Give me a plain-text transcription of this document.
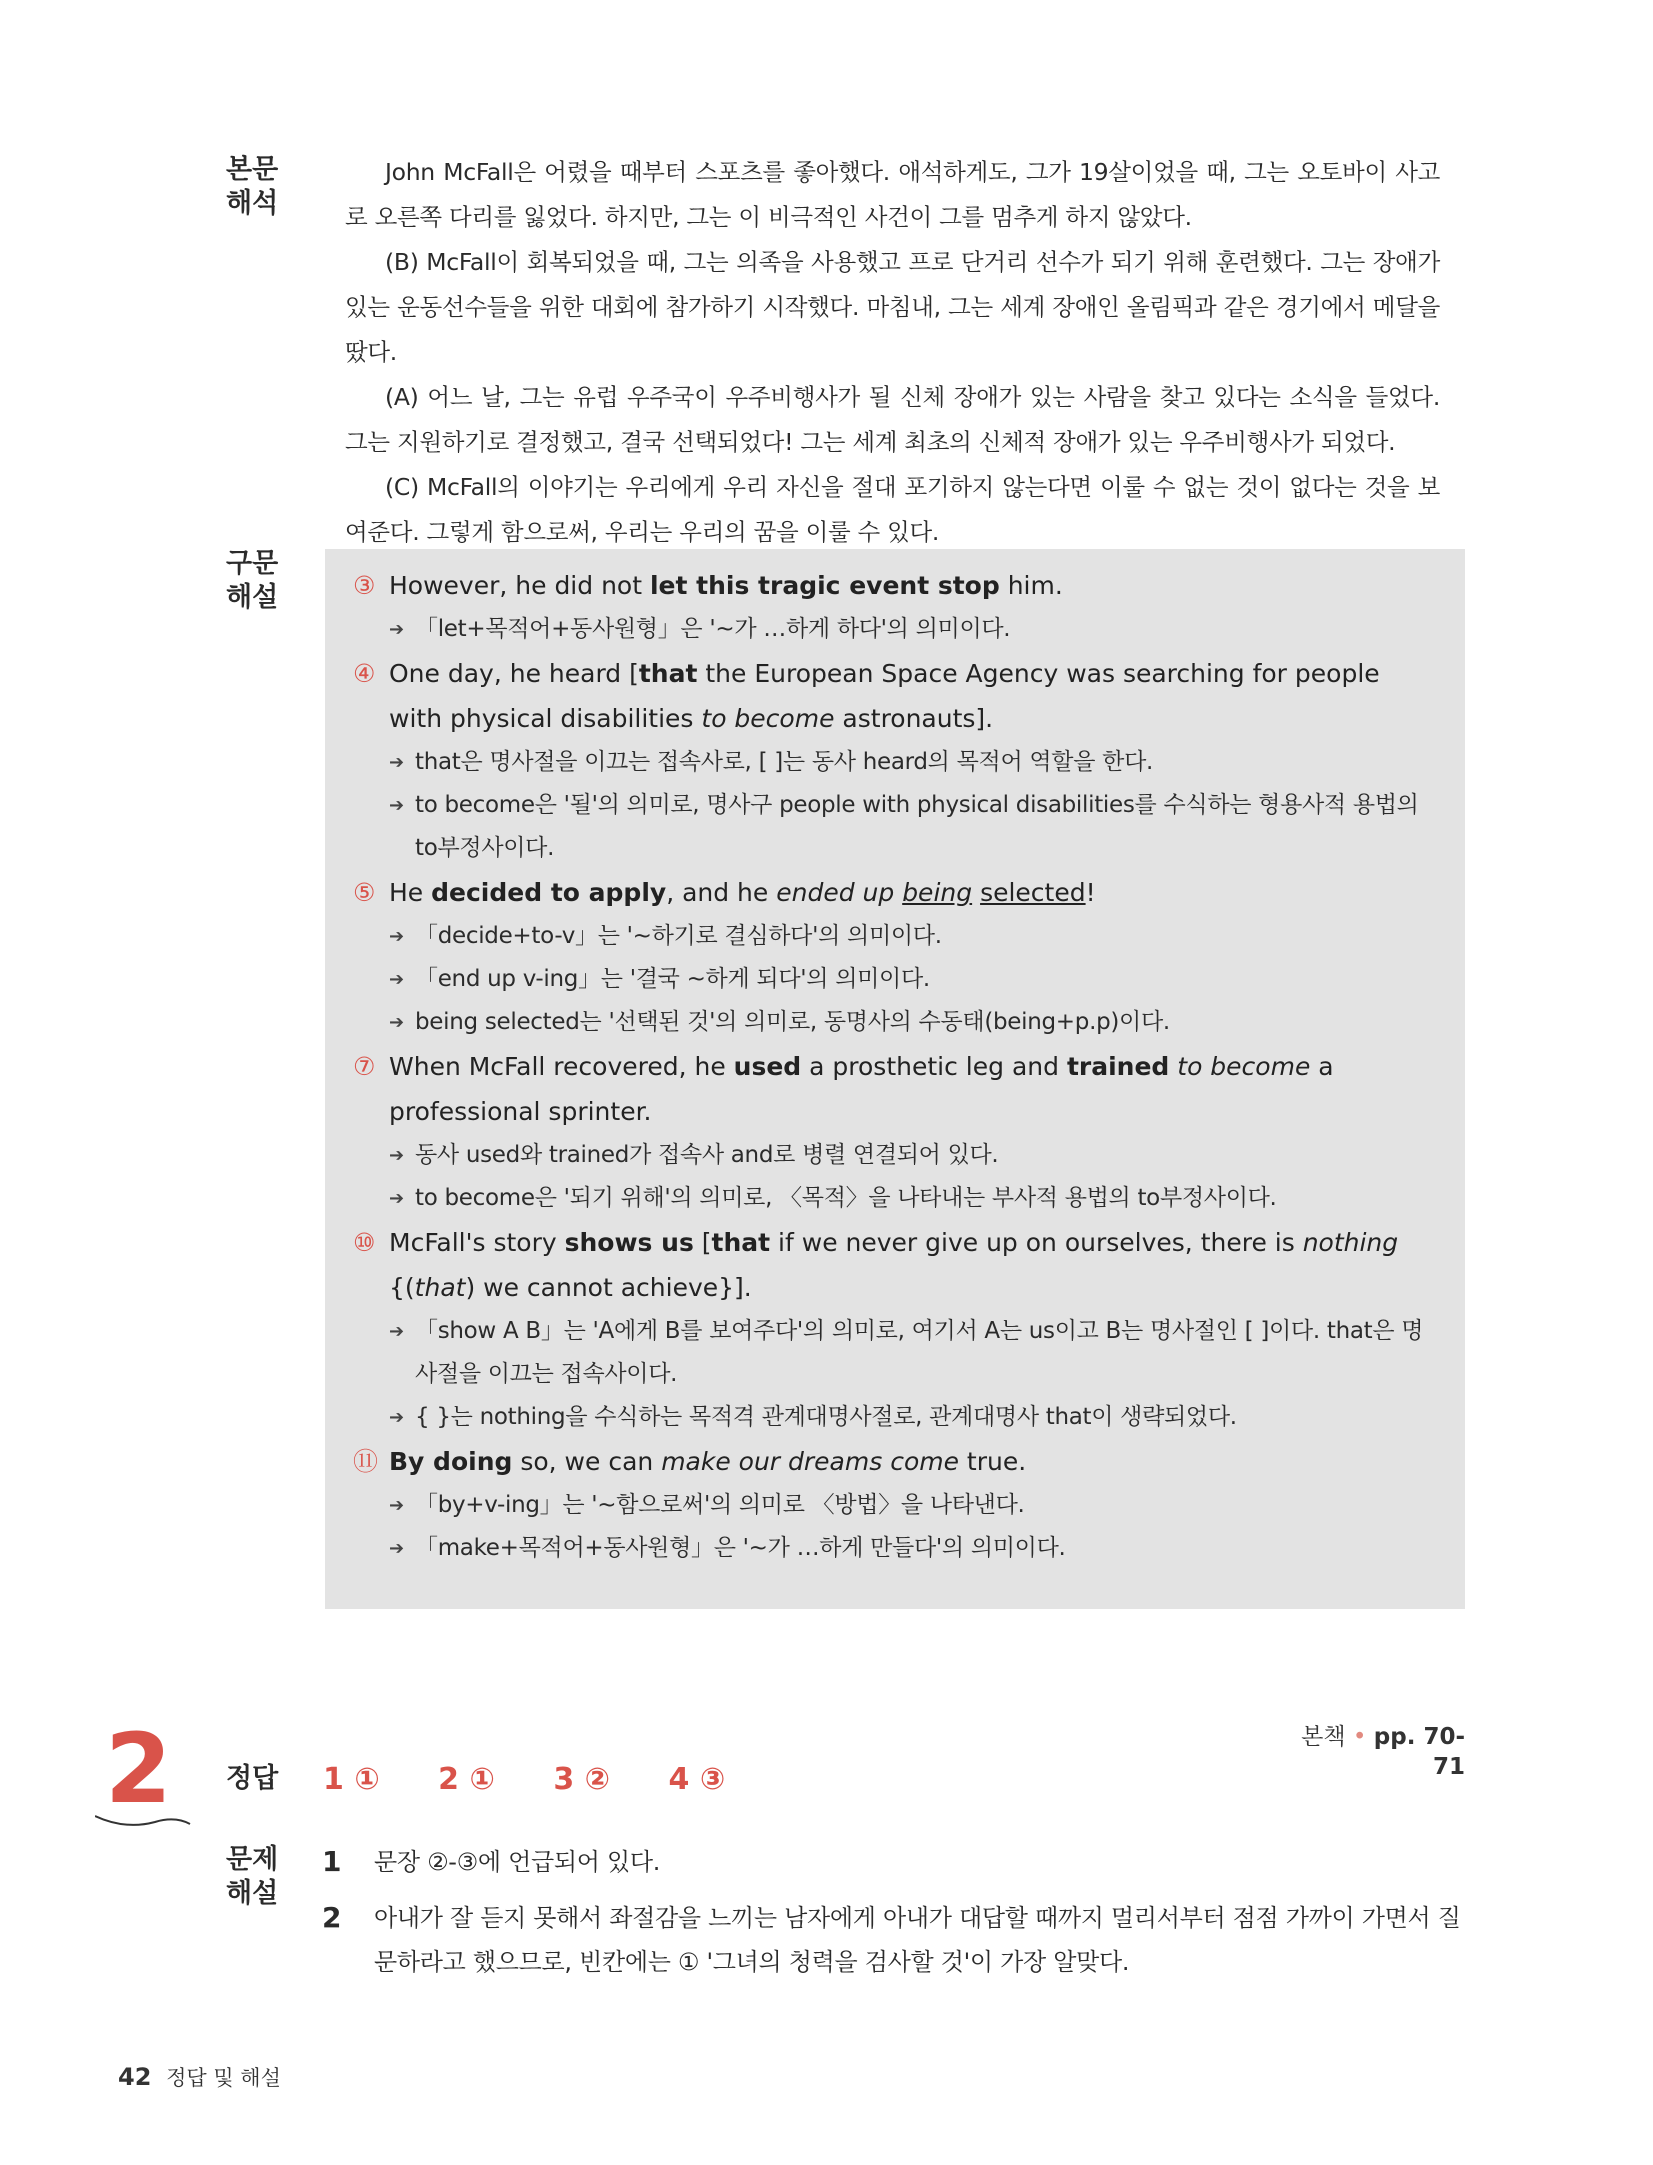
본문
해석

John McFall은 어렸을 때부터 스포츠를 좋아했다. 애석하게도, 그가 19살이었을 때, 그는 오토바이 사고로 오른쪽 다리를 잃었다. 하지만, 그는 이 비극적인 사건이 그를 멈추게 하지 않았다.

(B) McFall이 회복되었을 때, 그는 의족을 사용했고 프로 단거리 선수가 되기 위해 훈련했다. 그는 장애가 있는 운동선수들을 위한 대회에 참가하기 시작했다. 마침내, 그는 세계 장애인 올림픽과 같은 경기에서 메달을 땄다.

(A) 어느 날, 그는 유럽 우주국이 우주비행사가 될 신체 장애가 있는 사람을 찾고 있다는 소식을 들었다. 그는 지원하기로 결정했고, 결국 선택되었다! 그는 세계 최초의 신체적 장애가 있는 우주비행사가 되었다.

(C) McFall의 이야기는 우리에게 우리 자신을 절대 포기하지 않는다면 이룰 수 없는 것이 없다는 것을 보여준다. 그렇게 함으로써, 우리는 우리의 꿈을 이룰 수 있다.

구문
해설	③ However, he did not let this tragic event stop him.
➔ 「let+목적어+동사원형」은 '~가 …하게 하다'의 의미이다.
④ One day, he heard [that the European Space Agency was searching for people with physical disabilities to become astronauts].
➔ that은 명사절을 이끄는 접속사로, [ ]는 동사 heard의 목적어 역할을 한다.
➔ to become은 '될'의 의미로, 명사구 people with physical disabilities를 수식하는 형용사적 용법의 to부정사이다.
⑤ He decided to apply, and he ended up being selected!
➔ 「decide+to-v」는 '~하기로 결심하다'의 의미이다.
➔ 「end up v-ing」는 '결국 ~하게 되다'의 의미이다.
➔ being selected는 '선택된 것'의 의미로, 동명사의 수동태(being+p.p)이다.
⑦ When McFall recovered, he used a prosthetic leg and trained to become a professional sprinter.
➔ 동사 used와 trained가 접속사 and로 병렬 연결되어 있다.
➔ to become은 '되기 위해'의 의미로, 〈목적〉을 나타내는 부사적 용법의 to부정사이다.
⑩ McFall's story shows us [that if we never give up on ourselves, there is nothing {(that) we cannot achieve}].
➔ 「show A B」는 'A에게 B를 보여주다'의 의미로, 여기서 A는 us이고 B는 명사절인 [ ]이다. that은 명사절을 이끄는 접속사이다.
➔ { }는 nothing을 수식하는 목적격 관계대명사절로, 관계대명사 that이 생략되었다.
⑪ By doing so, we can make our dreams come true.
➔ 「by+v-ing」는 '~함으로써'의 의미로 〈방법〉을 나타낸다.
➔ 「make+목적어+동사원형」은 '~가 …하게 만들다'의 의미이다.
2	본책 • pp. 70-71
정답 1 ① 2 ① 3 ② 4 ③
문제
해설
1 문장 ②-③에 언급되어 있다.
2 아내가 잘 듣지 못해서 좌절감을 느끼는 남자에게 아내가 대답할 때까지 멀리서부터 점점 가까이 가면서 질문하라고 했으므로, 빈칸에는 ① '그녀의 청력을 검사할 것'이 가장 알맞다.
42 정답 및 해설
